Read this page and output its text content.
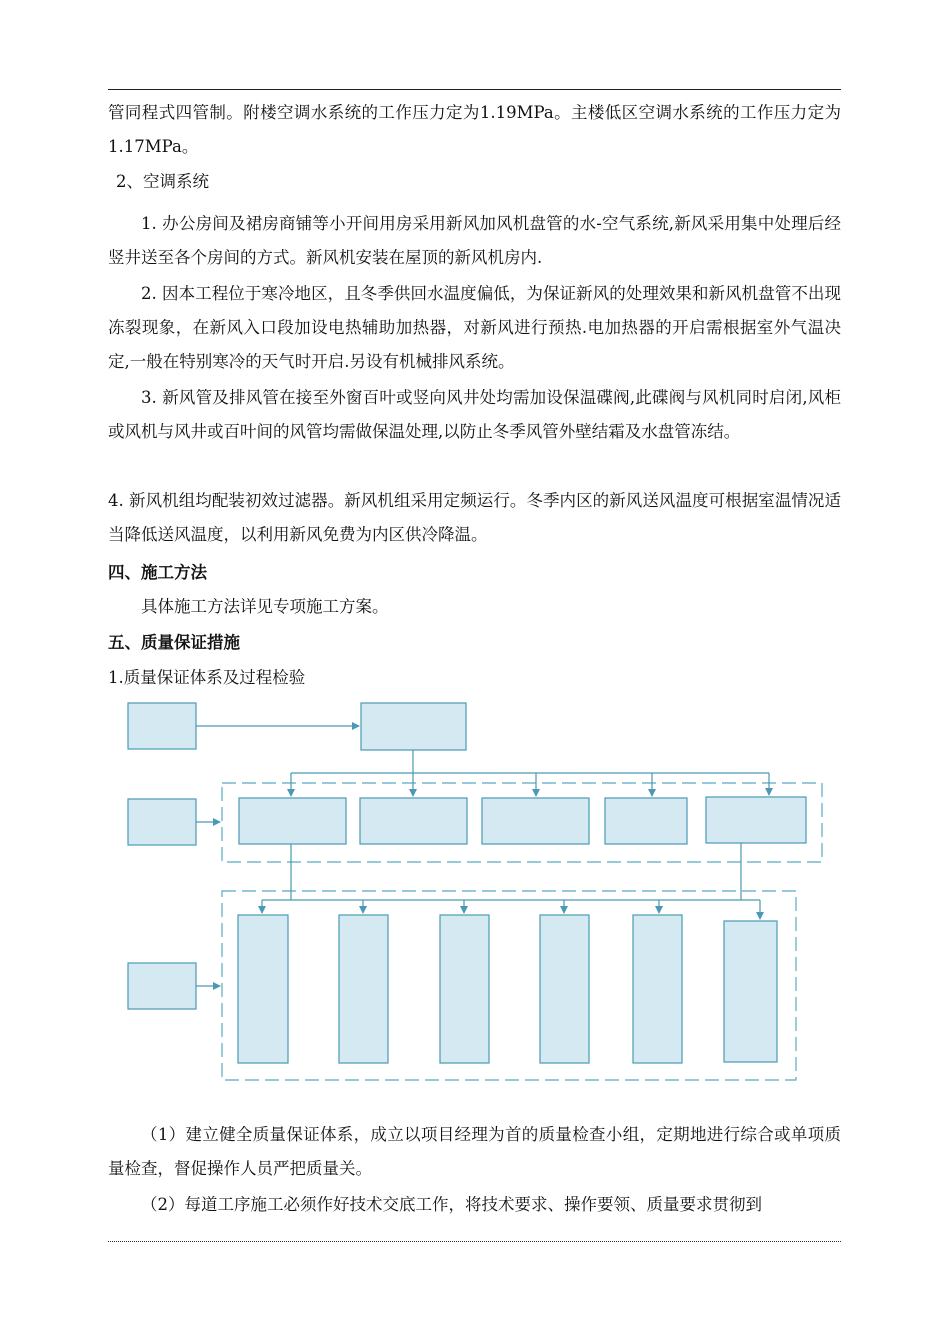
管同程式四管制。附楼空调水系统的工作压力定为1.19MPa。主楼低区空调水系统的工作压力定为1.17MPa。
2、空调系统
1. 办公房间及裙房商铺等小开间用房采用新风加风机盘管的水-空气系统,新风采用集中处理后经竖井送至各个房间的方式。新风机安装在屋顶的新风机房内.
2. 因本工程位于寒冷地区，且冬季供回水温度偏低，为保证新风的处理效果和新风机盘管不出现冻裂现象，在新风入口段加设电热辅助加热器，对新风进行预热.电加热器的开启需根据室外气温决定,一般在特别寒冷的天气时开启.另设有机械排风系统。
3. 新风管及排风管在接至外窗百叶或竖向风井处均需加设保温碟阀,此碟阀与风机同时启闭,风柜或风机与风井或百叶间的风管均需做保温处理,以防止冬季风管外壁结霜及水盘管冻结。
4. 新风机组均配装初效过滤器。新风机组采用定频运行。冬季内区的新风送风温度可根据室温情况适当降低送风温度，以利用新风免费为内区供冷降温。
四、施工方法
具体施工方法详见专项施工方案。
五、质量保证措施
1.质量保证体系及过程检验
（1）建立健全质量保证体系，成立以项目经理为首的质量检查小组，定期地进行综合或单项质量检查，督促操作人员严把质量关。
（2）每道工序施工必须作好技术交底工作，将技术要求、操作要领、质量要求贯彻到
